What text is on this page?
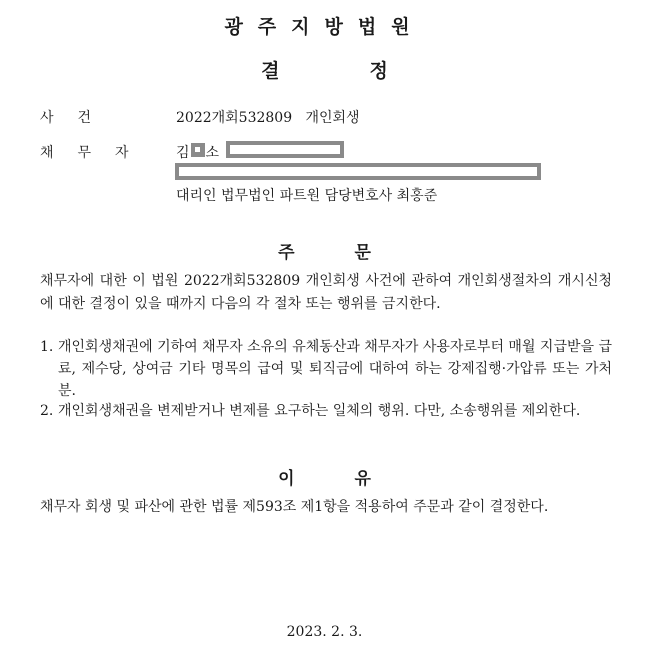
광주지방법원
결정
사건	2022개회532809 개인회생
채무자 김 소
대리인 법무법인 파트원 담당변호사 최홍준
주문
채무자에 대한 이 법원 2022개회532809 개인회생 사건에 관하여 개인회생절차의 개시신청에 대한 결정이 있을 때까지 다음의 각 절차 또는 행위를 금지한다.
1. 개인회생채권에 기하여 채무자 소유의 유체동산과 채무자가 사용자로부터 매월 지급받을 급료, 제수당, 상여금 기타 명목의 급여 및 퇴직금에 대하여 하는 강제집행·가압류 또는 가처분.
2. 개인회생채권을 변제받거나 변제를 요구하는 일체의 행위. 다만, 소송행위를 제외한다.
이유
채무자 회생 및 파산에 관한 법률 제593조 제1항을 적용하여 주문과 같이 결정한다.
2023. 2. 3.
